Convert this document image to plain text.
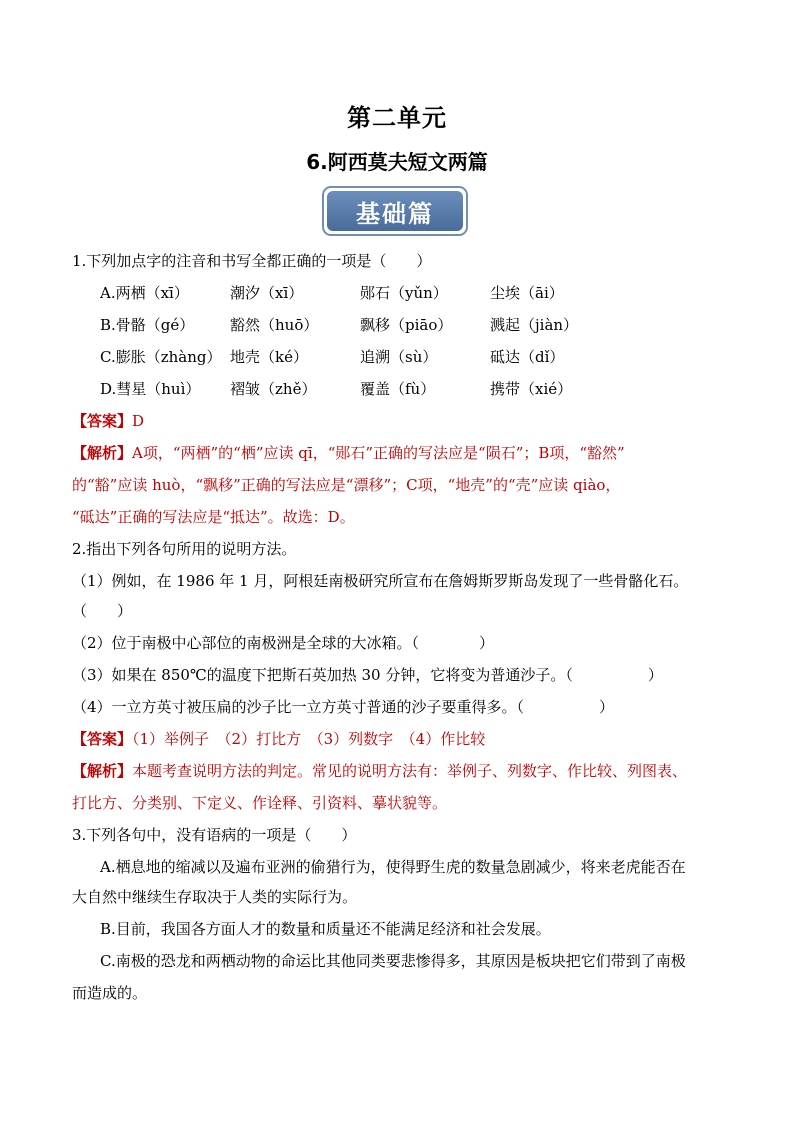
第二单元
6.阿西莫夫短文两篇
基础篇
1.下列加点字的注音和书写全都正确的一项是（　　）
A.两栖（xī）	潮汐（xī）	郧石（yǔn）	尘埃（āi）
B.骨骼（gé） 豁然（huō）	飘移（piāo）	溅起（jiàn）
C.膨胀（zhàng） 地壳（ké）	追溯（sù）	砥达（dǐ）
D.彗星（huì） 褶皱（zhě）	覆盖（fù）	携带（xié）
【答案】D
【解析】A项，“两栖”的“栖”应读 qī，“郧石”正确的写法应是“陨石”；B项，“豁然”
的“豁”应读 huò，“飘移”正确的写法应是“漂移”；C项，“地壳”的“壳”应读 qiào，
“砥达”正确的写法应是“抵达”。故选：D。
2.指出下列各句所用的说明方法。
（1）例如，在 1986 年 1 月，阿根廷南极研究所宣布在詹姆斯罗斯岛发现了一些骨骼化石。
（　　）
（2）位于南极中心部位的南极洲是全球的大冰箱。（　　　　）
（3）如果在 850℃的温度下把斯石英加热 30 分钟，它将变为普通沙子。（　　　　　）
（4）一立方英寸被压扁的沙子比一立方英寸普通的沙子要重得多。（　　　　　）
【答案】（1）举例子　（2）打比方　（3）列数字　（4）作比较
【解析】本题考查说明方法的判定。常见的说明方法有：举例子、列数字、作比较、列图表、
打比方、分类别、下定义、作诠释、引资料、摹状貌等。
3.下列各句中，没有语病的一项是（　　）
A.栖息地的缩减以及遍布亚洲的偷猎行为，使得野生虎的数量急剧减少，将来老虎能否在
大自然中继续生存取决于人类的实际行为。
B.目前，我国各方面人才的数量和质量还不能满足经济和社会发展。
C.南极的恐龙和两栖动物的命运比其他同类要悲惨得多，其原因是板块把它们带到了南极
而造成的。
